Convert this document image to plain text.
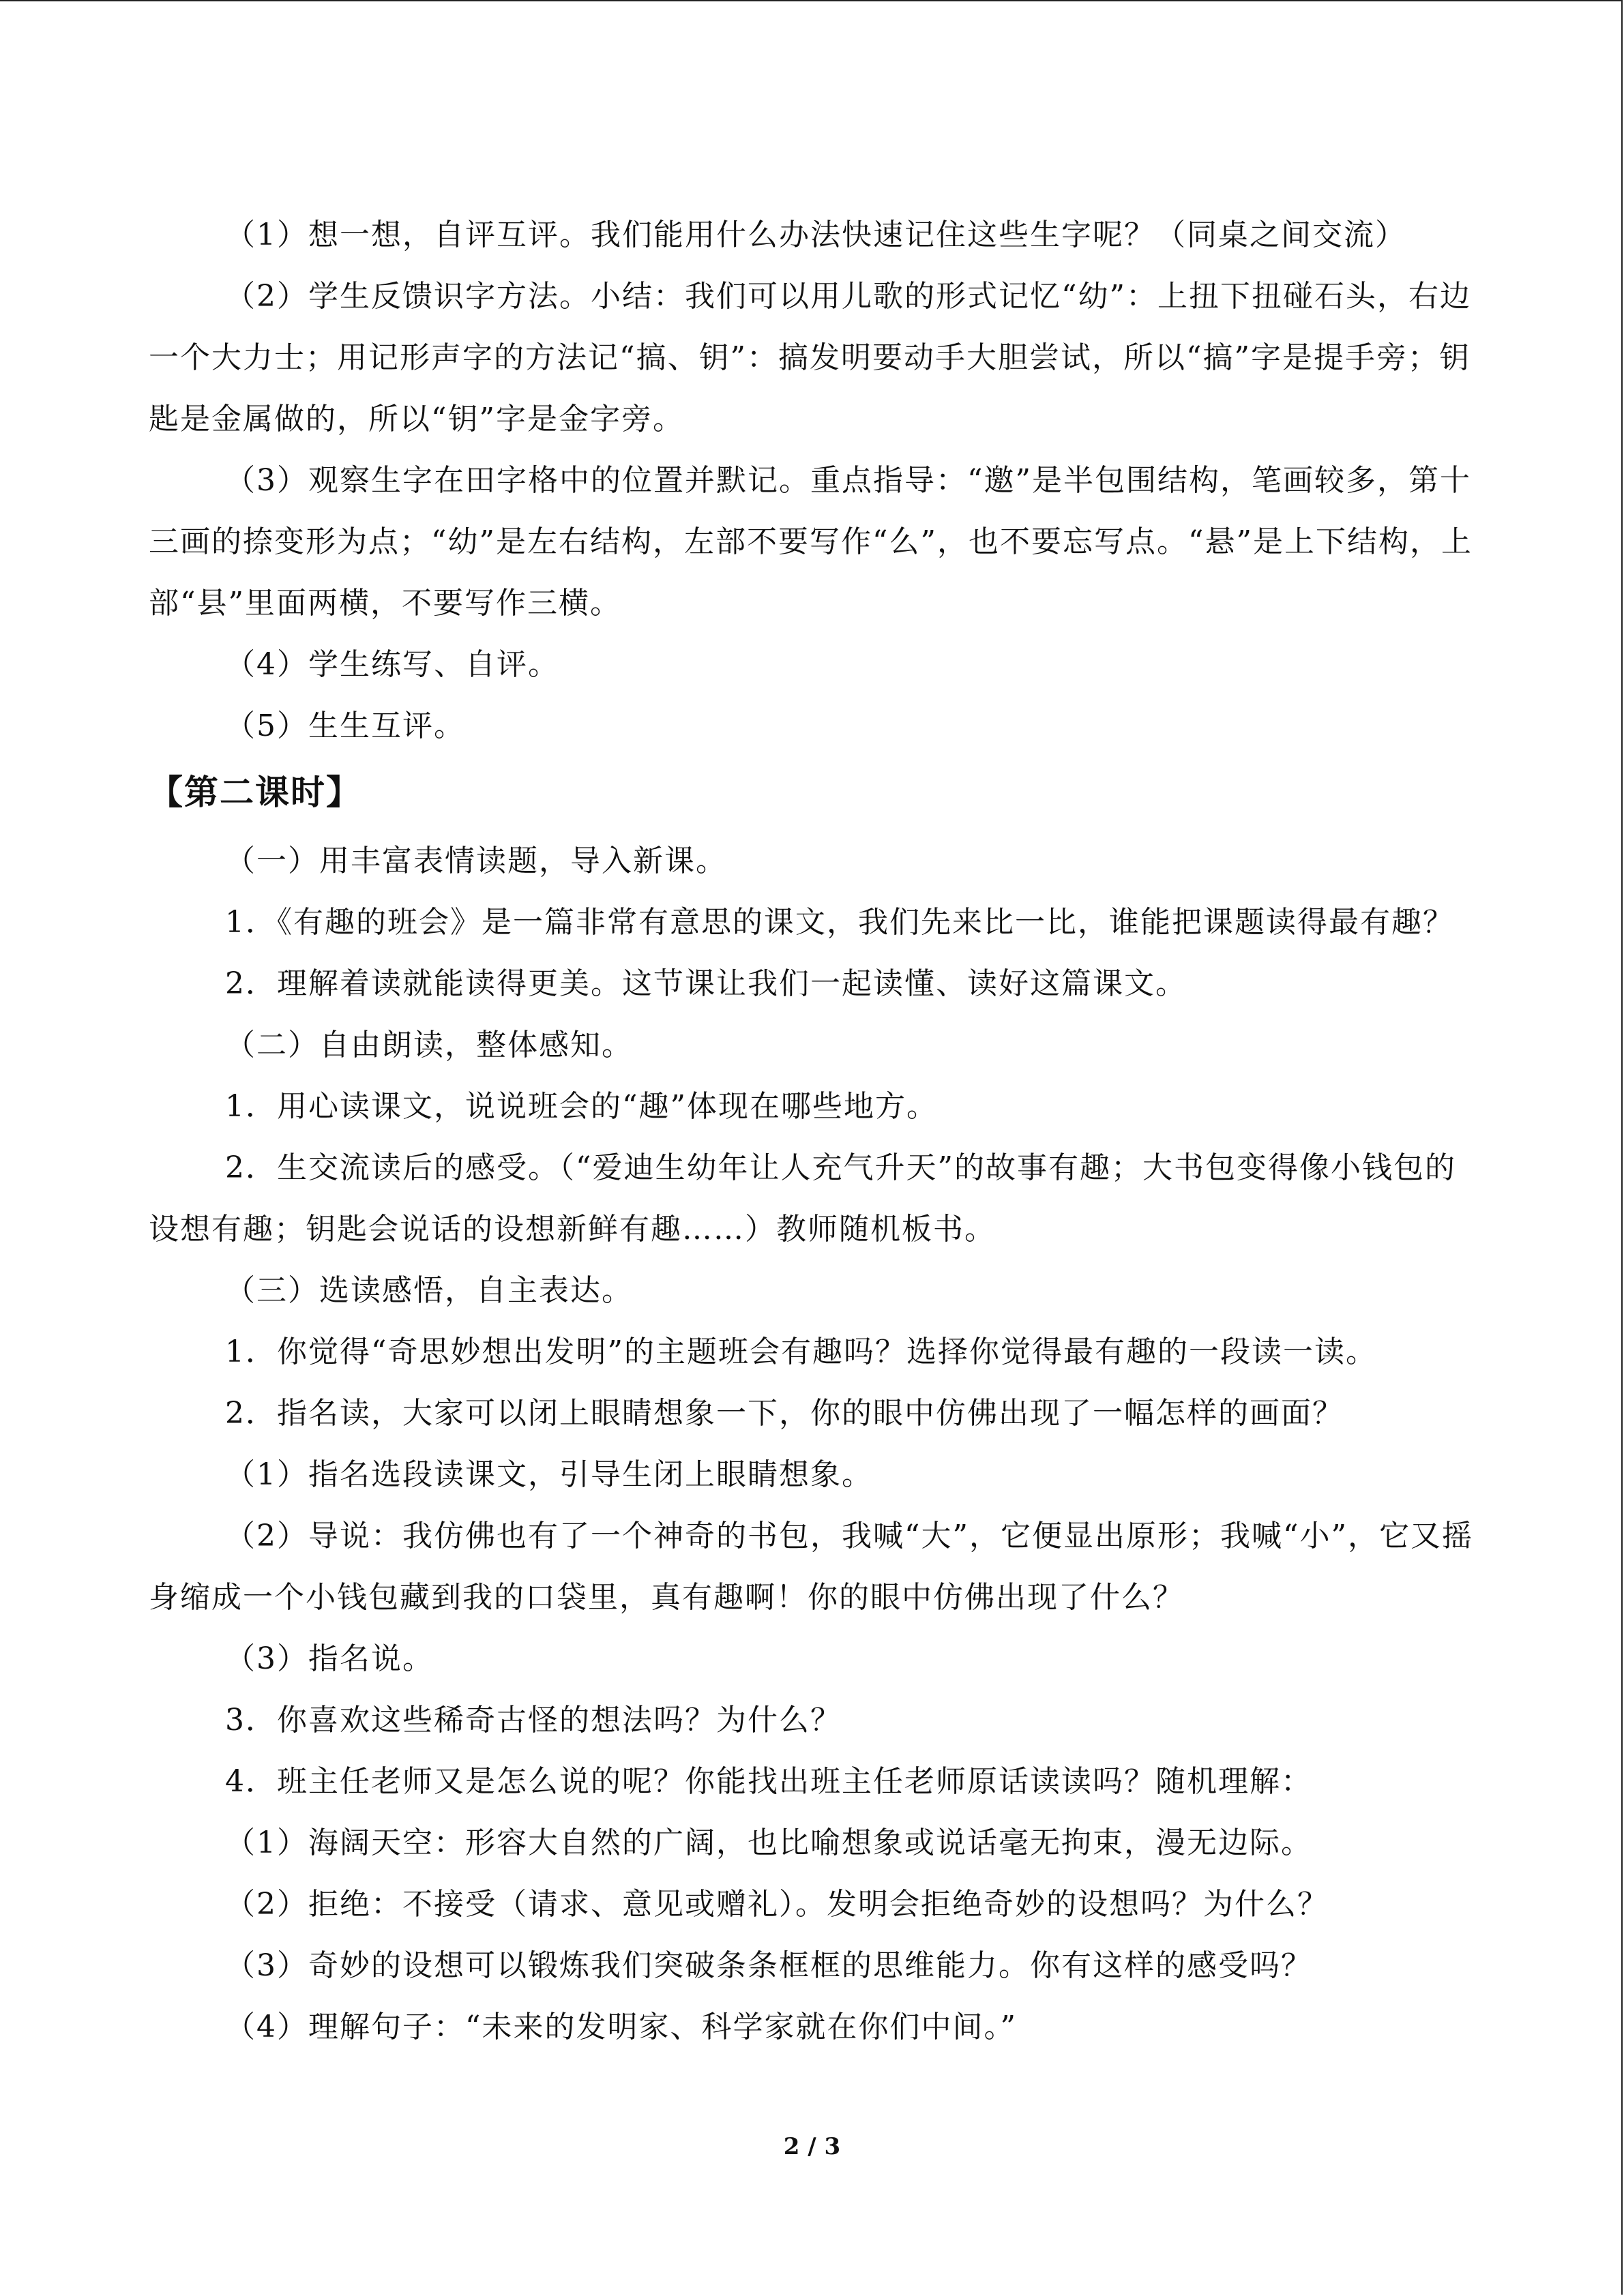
（1）想一想，自评互评。我们能用什么办法快速记住这些生字呢？（同桌之间交流）

（2）学生反馈识字方法。小结：我们可以用儿歌的形式记忆“幼”：上扭下扭碰石头，右边一个大力士；用记形声字的方法记“搞、钥”：搞发明要动手大胆尝试，所以“搞”字是提手旁；钥匙是金属做的，所以“钥”字是金字旁。

（3）观察生字在田字格中的位置并默记。重点指导：“邀”是半包围结构，笔画较多，第十三画的捺变形为点；“幼”是左右结构，左部不要写作“么”，也不要忘写点。“悬”是上下结构，上部“县”里面两横，不要写作三横。

（4）学生练写、自评。

（5）生生互评。

【第二课时】

（一）用丰富表情读题，导入新课。

1．《有趣的班会》是一篇非常有意思的课文，我们先来比一比，谁能把课题读得最有趣？

2．理解着读就能读得更美。这节课让我们一起读懂、读好这篇课文。

（二）自由朗读，整体感知。

1．用心读课文，说说班会的“趣”体现在哪些地方。

2．生交流读后的感受。（“爱迪生幼年让人充气升天”的故事有趣；大书包变得像小钱包的设想有趣；钥匙会说话的设想新鲜有趣……）教师随机板书。

（三）选读感悟，自主表达。

1．你觉得“奇思妙想出发明”的主题班会有趣吗？选择你觉得最有趣的一段读一读。

2．指名读，大家可以闭上眼睛想象一下，你的眼中仿佛出现了一幅怎样的画面？

（1）指名选段读课文，引导生闭上眼睛想象。

（2）导说：我仿佛也有了一个神奇的书包，我喊“大”，它便显出原形；我喊“小”，它又摇身缩成一个小钱包藏到我的口袋里，真有趣啊！你的眼中仿佛出现了什么？

（3）指名说。

3．你喜欢这些稀奇古怪的想法吗？为什么？

4．班主任老师又是怎么说的呢？你能找出班主任老师原话读读吗？随机理解：

（1）海阔天空：形容大自然的广阔，也比喻想象或说话毫无拘束，漫无边际。

（2）拒绝：不接受（请求、意见或赠礼）。发明会拒绝奇妙的设想吗？为什么？

（3）奇妙的设想可以锻炼我们突破条条框框的思维能力。你有这样的感受吗？

（4）理解句子：“未来的发明家、科学家就在你们中间。”

2 / 3
